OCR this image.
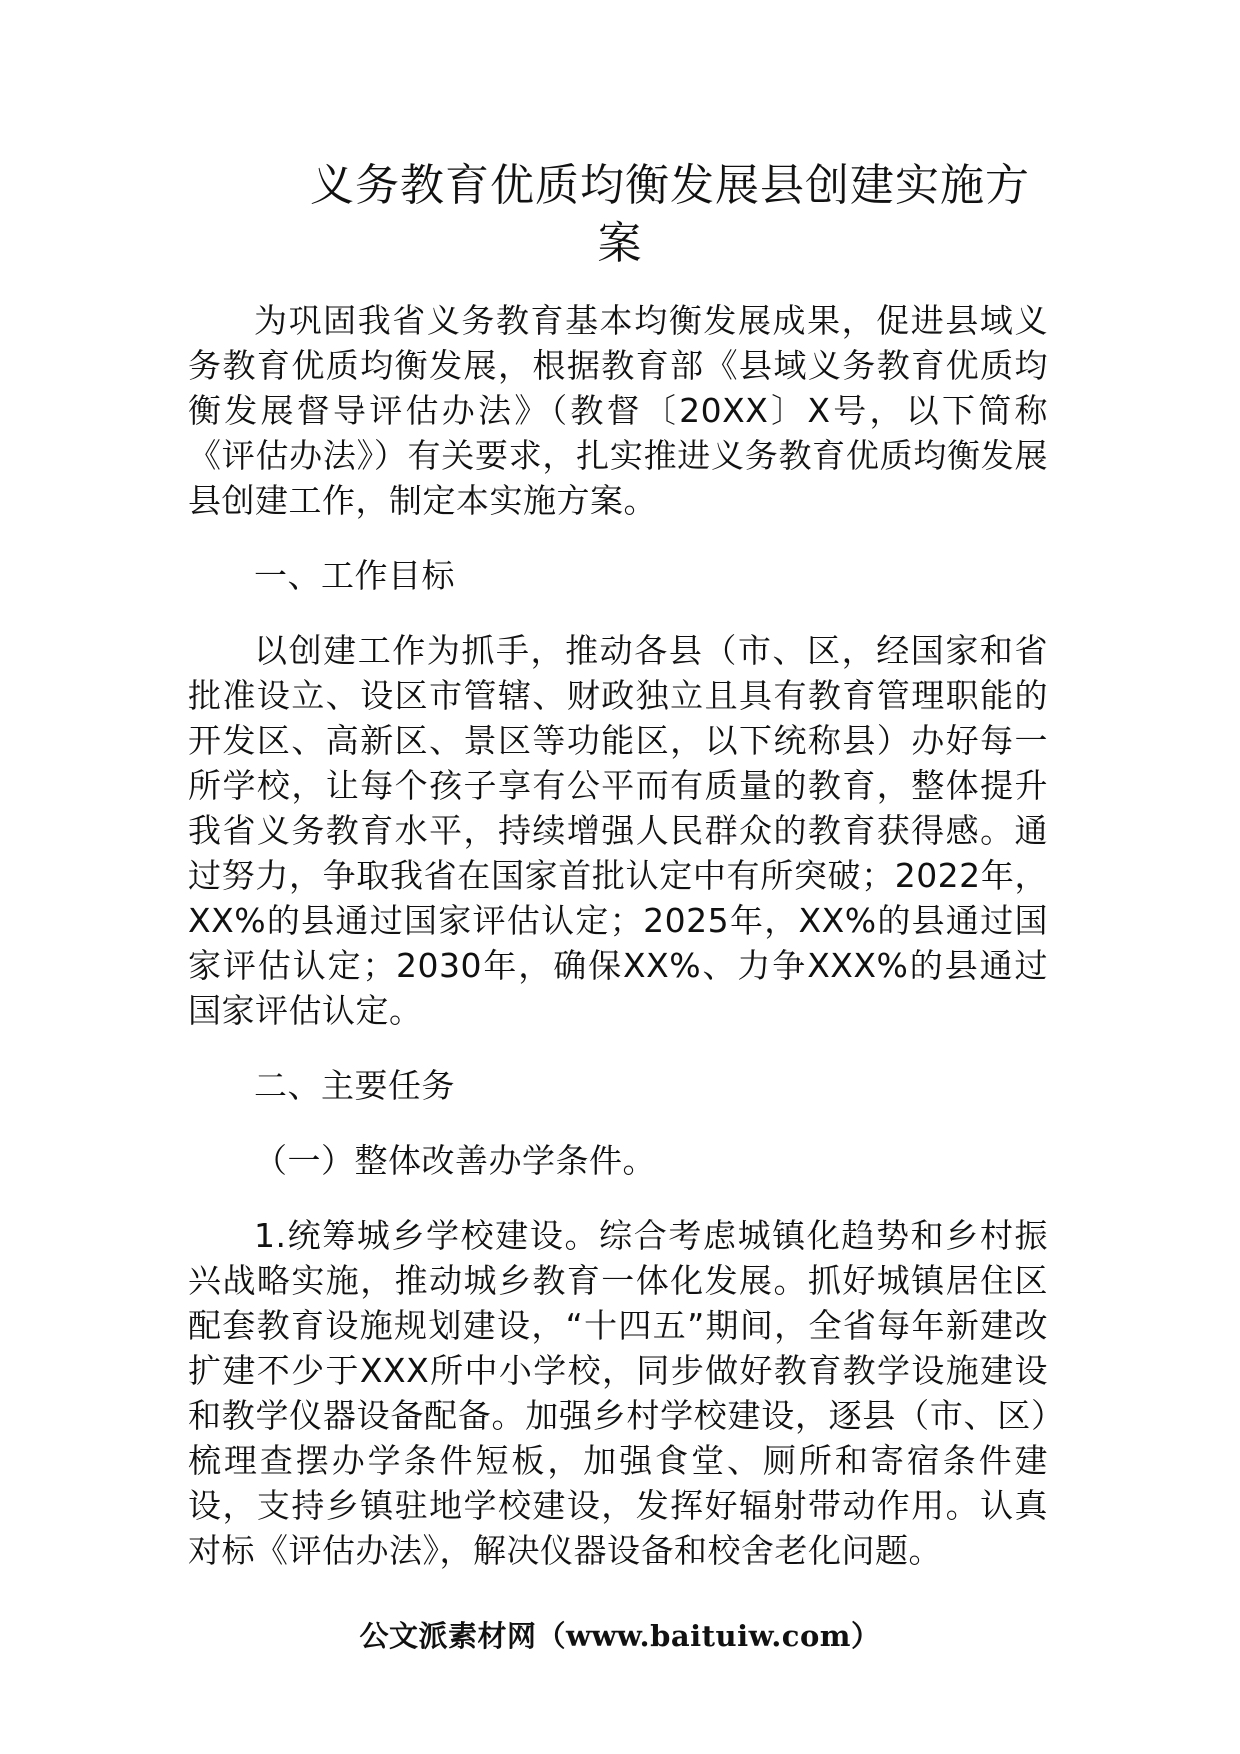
义务教育优质均衡发展县创建实施方
案

为巩固我省义务教育基本均衡发展成果，促进县域义务教育优质均衡发展，根据教育部《县域义务教育优质均衡发展督导评估办法》（教督〔20XX〕X号，以下简称《评估办法》）有关要求，扎实推进义务教育优质均衡发展县创建工作，制定本实施方案。

一、工作目标

以创建工作为抓手，推动各县（市、区，经国家和省批准设立、设区市管辖、财政独立且具有教育管理职能的开发区、高新区、景区等功能区，以下统称县）办好每一所学校，让每个孩子享有公平而有质量的教育，整体提升我省义务教育水平，持续增强人民群众的教育获得感。通过努力，争取我省在国家首批认定中有所突破；2022年，XX%的县通过国家评估认定；2025年，XX%的县通过国家评估认定；2030年，确保XX%、力争XXX%的县通过国家评估认定。

二、主要任务

（一）整体改善办学条件。

1.统筹城乡学校建设。综合考虑城镇化趋势和乡村振兴战略实施，推动城乡教育一体化发展。抓好城镇居住区配套教育设施规划建设，“十四五”期间，全省每年新建改扩建不少于XXX所中小学校，同步做好教育教学设施建设和教学仪器设备配备。加强乡村学校建设，逐县（市、区）梳理查摆办学条件短板，加强食堂、厕所和寄宿条件建设，支持乡镇驻地学校建设，发挥好辐射带动作用。认真对标《评估办法》，解决仪器设备和校舍老化问题。

公文派素材网（www.baituiw.com）
